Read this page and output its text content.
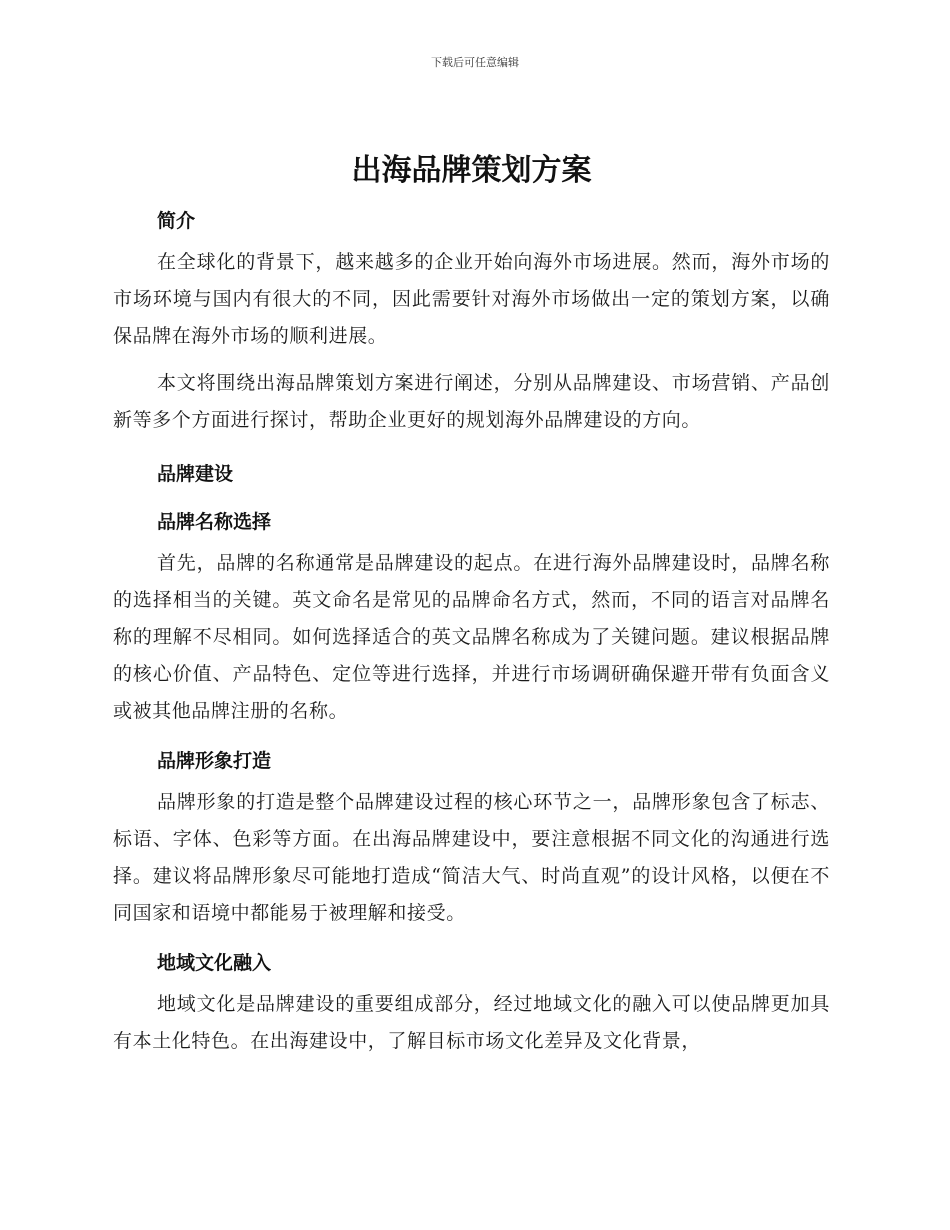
下载后可任意编辑
出海品牌策划方案
简介

在全球化的背景下，越来越多的企业开始向海外市场进展。然而，海外市场的市场环境与国内有很大的不同，因此需要针对海外市场做出一定的策划方案，以确保品牌在海外市场的顺利进展。

本文将围绕出海品牌策划方案进行阐述，分别从品牌建设、市场营销、产品创新等多个方面进行探讨，帮助企业更好的规划海外品牌建设的方向。

品牌建设
品牌名称选择

首先，品牌的名称通常是品牌建设的起点。在进行海外品牌建设时，品牌名称的选择相当的关键。英文命名是常见的品牌命名方式，然而，不同的语言对品牌名称的理解不尽相同。如何选择适合的英文品牌名称成为了关键问题。建议根据品牌的核心价值、产品特色、定位等进行选择，并进行市场调研确保避开带有负面含义或被其他品牌注册的名称。

品牌形象打造

品牌形象的打造是整个品牌建设过程的核心环节之一，品牌形象包含了标志、标语、字体、色彩等方面。在出海品牌建设中，要注意根据不同文化的沟通进行选择。建议将品牌形象尽可能地打造成“简洁大气、时尚直观”的设计风格，以便在不同国家和语境中都能易于被理解和接受。

地域文化融入

地域文化是品牌建设的重要组成部分，经过地域文化的融入可以使品牌更加具有本土化特色。在出海建设中，了解目标市场文化差异及文化背景，
